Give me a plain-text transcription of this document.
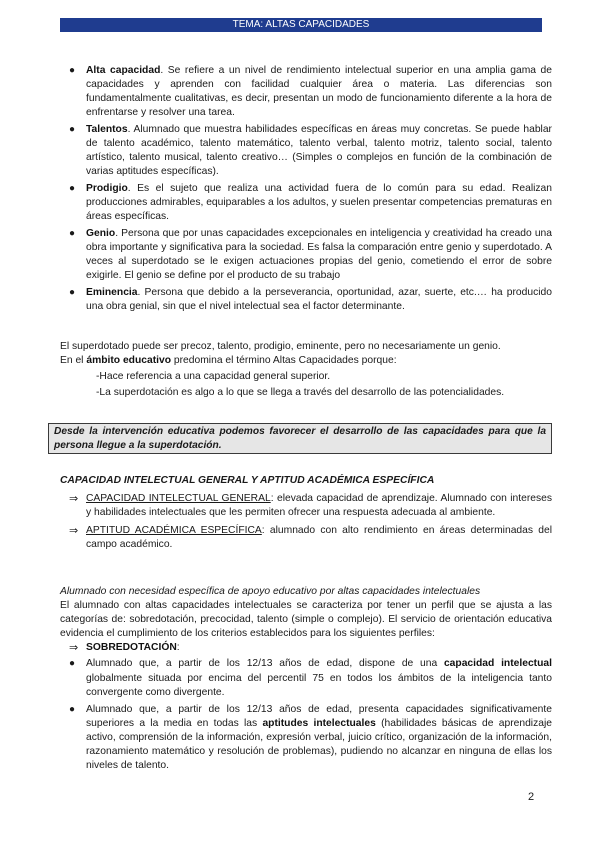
TEMA: ALTAS CAPACIDADES
● Alta capacidad. Se refiere a un nivel de rendimiento intelectual superior en una amplia gama de capacidades y aprenden con facilidad cualquier área o materia. Las diferencias son fundamentalmente cualitativas, es decir, presentan un modo de funcionamiento diferente a la hora de enfrentarse y resolver una tarea.
● Talentos. Alumnado que muestra habilidades específicas en áreas muy concretas. Se puede hablar de talento académico, talento matemático, talento verbal, talento motriz, talento social, talento artístico, talento musical, talento creativo… (Simples o complejos en función de la combinación de varias aptitudes específicas).
● Prodigio. Es el sujeto que realiza una actividad fuera de lo común para su edad. Realizan producciones admirables, equiparables a los adultos, y suelen presentar competencias prematuras en áreas específicas.
● Genio. Persona que por unas capacidades excepcionales en inteligencia y creatividad ha creado una obra importante y significativa para la sociedad. Es falsa la comparación entre genio y superdotado. A veces al superdotado se le exigen actuaciones propias del genio, cometiendo el error de sobre exigirle. El genio se define por el producto de su trabajo
● Eminencia. Persona que debido a la perseverancia, oportunidad, azar, suerte, etc.… ha producido una obra genial, sin que el nivel intelectual sea el factor determinante.

El superdotado puede ser precoz, talento, prodigio, eminente, pero no necesariamente un genio.

En el ámbito educativo predomina el término Altas Capacidades porque:

-Hace referencia a una capacidad general superior.

-La superdotación es algo a lo que se llega a través del desarrollo de las potencialidades.

Desde la intervención educativa podemos favorecer el desarrollo de las capacidades para que la persona llegue a la superdotación.

CAPACIDAD INTELECTUAL GENERAL Y APTITUD ACADÉMICA ESPECÍFICA

⇒ CAPACIDAD INTELECTUAL GENERAL: elevada capacidad de aprendizaje. Alumnado con intereses y habilidades intelectuales que les permiten ofrecer una respuesta adecuada al ambiente.

⇒ APTITUD ACADÉMICA ESPECÍFICA: alumnado con alto rendimiento en áreas determinadas del campo académico.

Alumnado con necesidad específica de apoyo educativo por altas capacidades intelectuales

El alumnado con altas capacidades intelectuales se caracteriza por tener un perfil que se ajusta a las categorías de: sobredotación, precocidad, talento (simple o complejo). El servicio de orientación educativa evidencia el cumplimiento de los criterios establecidos para los siguientes perfiles:

⇒ SOBREDOTACIÓN:

● Alumnado que, a partir de los 12/13 años de edad, dispone de una capacidad intelectual globalmente situada por encima del percentil 75 en todos los ámbitos de la inteligencia tanto convergente como divergente.
● Alumnado que, a partir de los 12/13 años de edad, presenta capacidades significativamente superiores a la media en todas las aptitudes intelectuales (habilidades básicas de aprendizaje activo, comprensión de la información, expresión verbal, juicio crítico, organización de la información, razonamiento matemático y resolución de problemas), pudiendo no alcanzar en ninguna de ellas los niveles de talento.
2
